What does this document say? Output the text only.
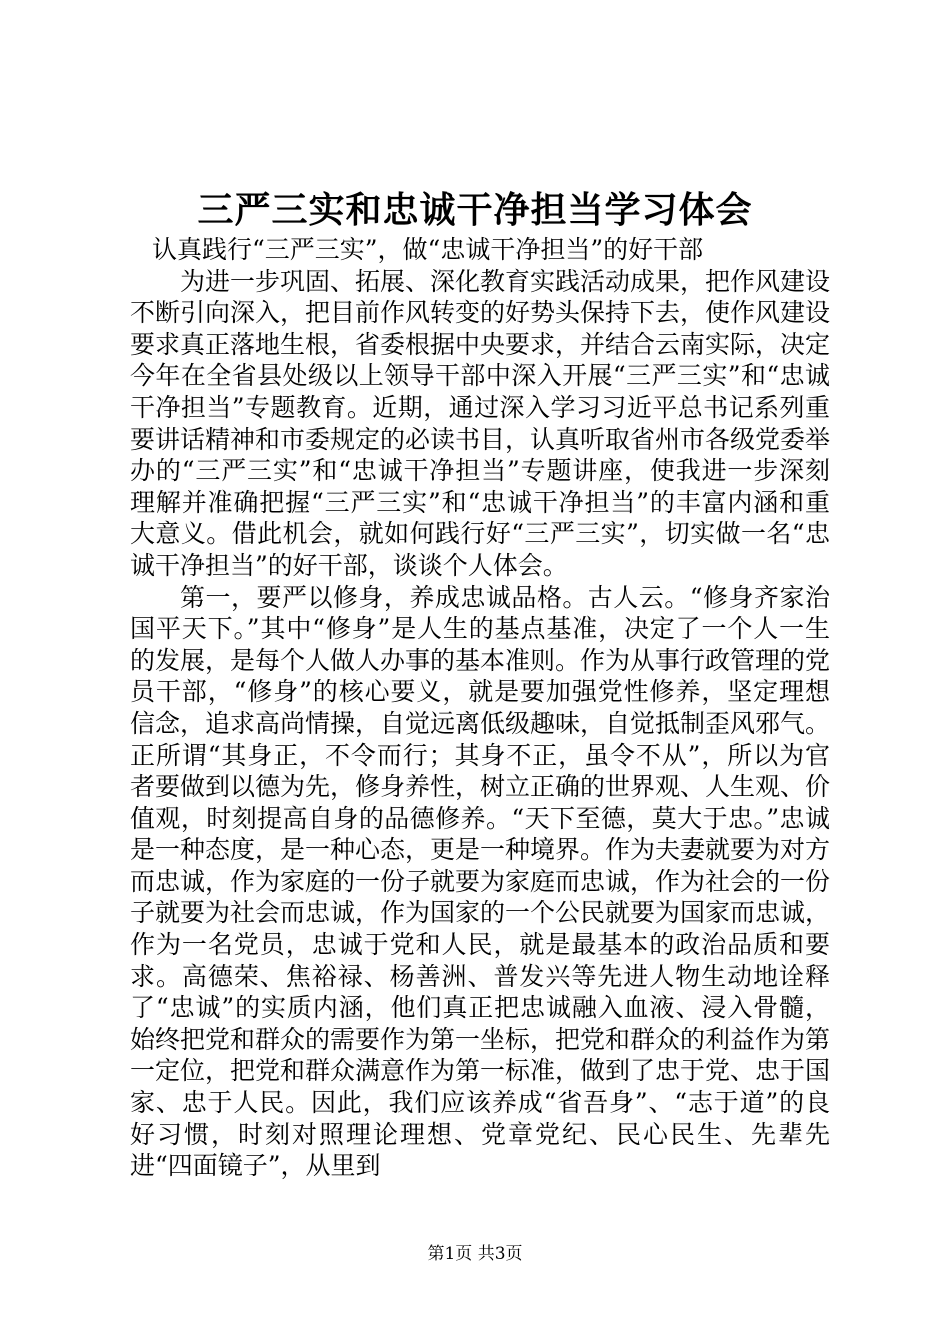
三严三实和忠诚干净担当学习体会
认真践行“三严三实”，做“忠诚干净担当”的好干部

为进一步巩固、拓展、深化教育实践活动成果，把作风建设不断引向深入，把目前作风转变的好势头保持下去，使作风建设要求真正落地生根，省委根据中央要求，并结合云南实际，决定今年在全省县处级以上领导干部中深入开展“三严三实”和“忠诚干净担当”专题教育。近期，通过深入学习习近平总书记系列重要讲话精神和市委规定的必读书目，认真听取省州市各级党委举办的“三严三实”和“忠诚干净担当”专题讲座，使我进一步深刻理解并准确把握“三严三实”和“忠诚干净担当”的丰富内涵和重大意义。借此机会，就如何践行好“三严三实”，切实做一名“忠诚干净担当”的好干部，谈谈个人体会。

第一，要严以修身，养成忠诚品格。古人云。“修身齐家治国平天下。”其中“修身”是人生的基点基准，决定了一个人一生的发展，是每个人做人办事的基本准则。作为从事行政管理的党员干部，“修身”的核心要义，就是要加强党性修养，坚定理想信念，追求高尚情操，自觉远离低级趣味，自觉抵制歪风邪气。正所谓“其身正，不令而行；其身不正，虽令不从”，所以为官者要做到以德为先，修身养性，树立正确的世界观、人生观、价值观，时刻提高自身的品德修养。“天下至德，莫大于忠。”忠诚是一种态度，是一种心态，更是一种境界。作为夫妻就要为对方而忠诚，作为家庭的一份子就要为家庭而忠诚，作为社会的一份子就要为社会而忠诚，作为国家的一个公民就要为国家而忠诚，作为一名党员，忠诚于党和人民，就是最基本的政治品质和要求。高德荣、焦裕禄、杨善洲、普发兴等先进人物生动地诠释了“忠诚”的实质内涵，他们真正把忠诚融入血液、浸入骨髓，始终把党和群众的需要作为第一坐标，把党和群众的利益作为第一定位，把党和群众满意作为第一标准，做到了忠于党、忠于国家、忠于人民。因此，我们应该养成“省吾身”、“志于道”的良好习惯，时刻对照理论理想、党章党纪、民心民生、先辈先进“四面镜子”，从里到

第1页 共3页
